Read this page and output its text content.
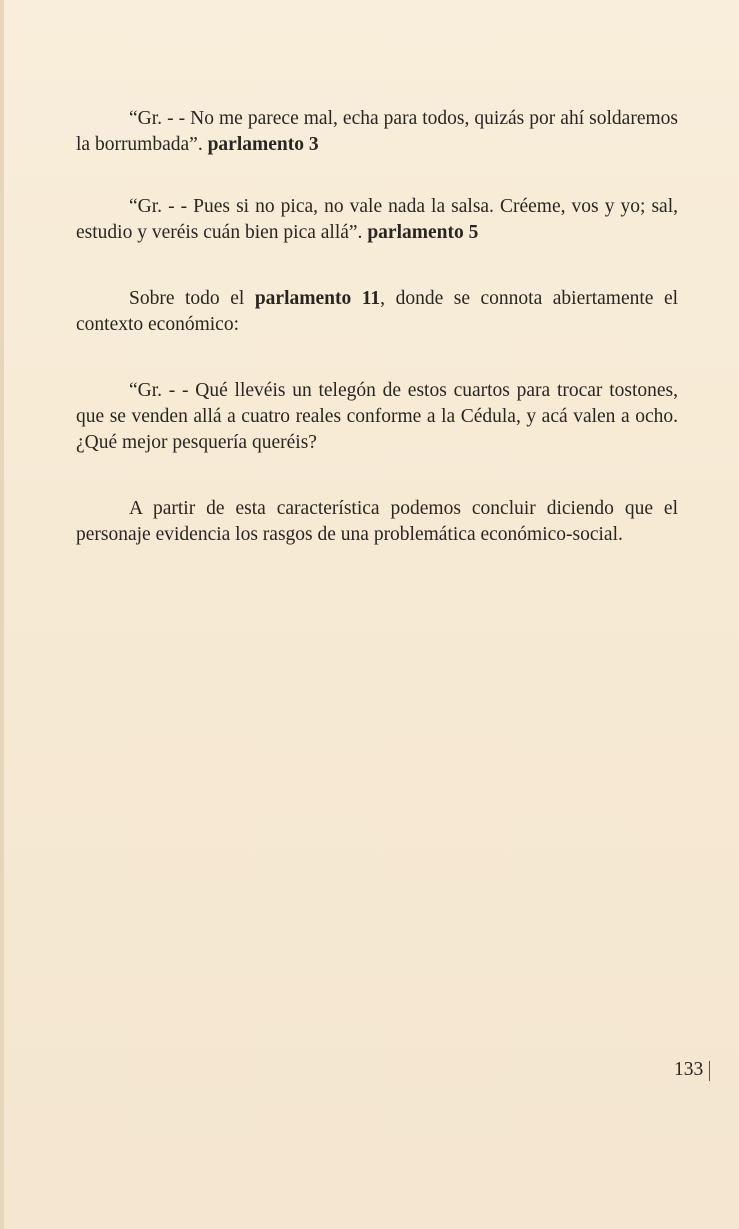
“Gr. - - No me parece mal, echa para todos, quizás por ahí soldaremos la borrumbada”. parlamento 3

“Gr. - - Pues si no pica, no vale nada la salsa. Créeme, vos y yo; sal, estudio y veréis cuán bien pica allá”. parlamento 5

Sobre todo el parlamento 11, donde se connota abiertamente el contexto económico:

“Gr. - - Qué llevéis un telegón de estos cuartos para trocar tostones, que se venden allá a cuatro reales conforme a la Cédula, y acá valen a ocho. ¿Qué mejor pesquería queréis?

A partir de esta característica podemos concluir diciendo que el personaje evidencia los rasgos de una problemática económico-social.

133
